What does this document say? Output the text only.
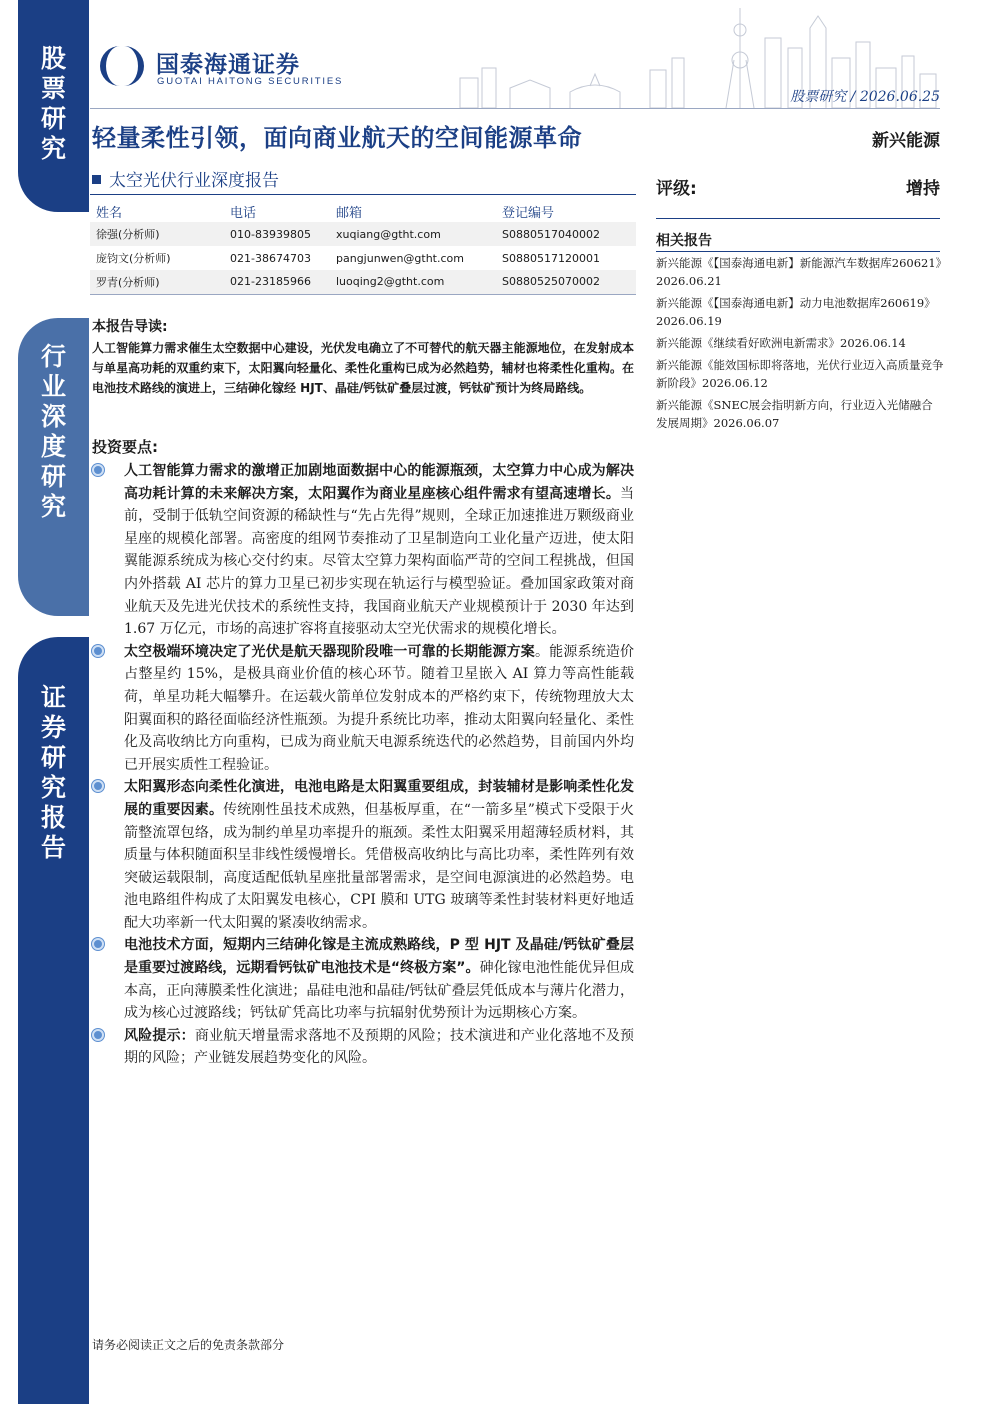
股
票
研
究
行
业
深
度
研
究
证
券
研
究
报
告
国泰海通证券
GUOTAI HAITONG SECURITIES
股票研究 / 2026.06.25
轻量柔性引领，面向商业航天的空间能源革命	新兴能源
太空光伏行业深度报告
姓名	电话	邮箱	登记编号
徐强(分析师)	010-83939805	xuqiang@gtht.com	S0880517040002
庞钧文(分析师)	021-38674703	pangjunwen@gtht.com	S0880517120001
罗青(分析师)	021-23185966	luoqing2@gtht.com	S0880525070002
评级:	增持
相关报告
新兴能源《【国泰海通电新】新能源汽车数据库260621》2026.06.21
新兴能源《【国泰海通电新】动力电池数据库260619》2026.06.19
新兴能源《继续看好欧洲电新需求》2026.06.14
新兴能源《能效国标即将落地，光伏行业迈入高质量竞争新阶段》2026.06.12
新兴能源《SNEC展会指明新方向，行业迈入光储融合发展周期》2026.06.07
本报告导读:
人工智能算力需求催生太空数据中心建设，光伏发电确立了不可替代的航天器主能源地位，在发射成本与单星高功耗的双重约束下，太阳翼向轻量化、柔性化重构已成为必然趋势，辅材也将柔性化重构。在电池技术路线的演进上，三结砷化镓经 HJT、晶硅/钙钛矿叠层过渡，钙钛矿预计为终局路线。
投资要点:
人工智能算力需求的激增正加剧地面数据中心的能源瓶颈，太空算力中心成为解决高功耗计算的未来解决方案，太阳翼作为商业星座核心组件需求有望高速增长。当前，受制于低轨空间资源的稀缺性与“先占先得”规则，全球正加速推进万颗级商业星座的规模化部署。高密度的组网节奏推动了卫星制造向工业化量产迈进，使太阳翼能源系统成为核心交付约束。尽管太空算力架构面临严苛的空间工程挑战，但国内外搭载 AI 芯片的算力卫星已初步实现在轨运行与模型验证。叠加国家政策对商业航天及先进光伏技术的系统性支持，我国商业航天产业规模预计于 2030 年达到 1.67 万亿元，市场的高速扩容将直接驱动太空光伏需求的规模化增长。
太空极端环境决定了光伏是航天器现阶段唯一可靠的长期能源方案。能源系统造价占整星约 15%，是极具商业价值的核心环节。随着卫星嵌入 AI 算力等高性能载荷，单星功耗大幅攀升。在运载火箭单位发射成本的严格约束下，传统物理放大太阳翼面积的路径面临经济性瓶颈。为提升系统比功率，推动太阳翼向轻量化、柔性化及高收纳比方向重构，已成为商业航天电源系统迭代的必然趋势，目前国内外均已开展实质性工程验证。
太阳翼形态向柔性化演进，电池电路是太阳翼重要组成，封装辅材是影响柔性化发展的重要因素。传统刚性虽技术成熟，但基板厚重，在“一箭多星”模式下受限于火箭整流罩包络，成为制约单星功率提升的瓶颈。柔性太阳翼采用超薄轻质材料，其质量与体积随面积呈非线性缓慢增长。凭借极高收纳比与高比功率，柔性阵列有效突破运载限制，高度适配低轨星座批量部署需求，是空间电源演进的必然趋势。电池电路组件构成了太阳翼发电核心，CPI 膜和 UTG 玻璃等柔性封装材料更好地适配大功率新一代太阳翼的紧凑收纳需求。
电池技术方面，短期内三结砷化镓是主流成熟路线，P 型 HJT 及晶硅/钙钛矿叠层是重要过渡路线，远期看钙钛矿电池技术是“终极方案”。砷化镓电池性能优异但成本高，正向薄膜柔性化演进；晶硅电池和晶硅/钙钛矿叠层凭低成本与薄片化潜力，成为核心过渡路线；钙钛矿凭高比功率与抗辐射优势预计为远期核心方案。
风险提示：商业航天增量需求落地不及预期的风险；技术演进和产业化落地不及预期的风险；产业链发展趋势变化的风险。
请务必阅读正文之后的免责条款部分
